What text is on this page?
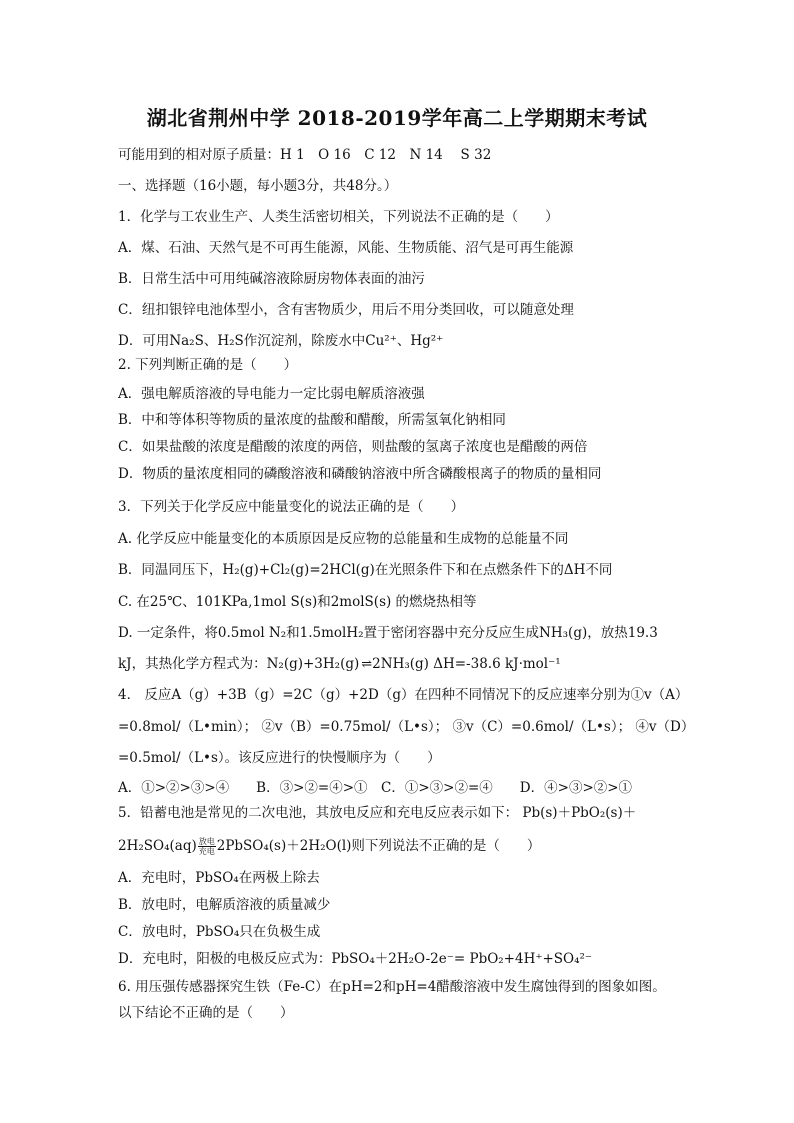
湖北省荆州中学 2018-2019学年高二上学期期末考试
可能用到的相对原子质量：H 1　O 16　C 12　N 14　 S 32
一、选择题（16小题，每小题3分，共48分。）
1．化学与工农业生产、人类生活密切相关，下列说法不正确的是（　　）
A．煤、石油、天然气是不可再生能源，风能、生物质能、沼气是可再生能源
B．日常生活中可用纯碱溶液除厨房物体表面的油污
C．纽扣银锌电池体型小，含有害物质少，用后不用分类回收，可以随意处理
D．可用Na₂S、H₂S作沉淀剂，除废水中Cu²⁺、Hg²⁺
2. 下列判断正确的是（　　）
A．强电解质溶液的导电能力一定比弱电解质溶液强
B．中和等体积等物质的量浓度的盐酸和醋酸，所需氢氧化钠相同
C．如果盐酸的浓度是醋酸的浓度的两倍，则盐酸的氢离子浓度也是醋酸的两倍
D．物质的量浓度相同的磷酸溶液和磷酸钠溶液中所含磷酸根离子的物质的量相同
3．下列关于化学反应中能量变化的说法正确的是（　　）
A. 化学反应中能量变化的本质原因是反应物的总能量和生成物的总能量不同
B．同温同压下，H₂(g)+Cl₂(g)=2HCl(g)在光照条件下和在点燃条件下的ΔH不同
C. 在25℃、101KPa,1mol S(s)和2molS(s) 的燃烧热相等
D. 一定条件，将0.5mol N₂和1.5molH₂置于密闭容器中充分反应生成NH₃(g)，放热19.3
kJ，其热化学方程式为：N₂(g)+3H₂(g) ⇌ 2NH₃(g) ΔH=-38.6 kJ·mol⁻¹
4． 反应A（g）+3B（g）=2C（g）+2D（g）在四种不同情况下的反应速率分别为①v（A）
=0.8mol/（L•min）； ②v（B）=0.75mol/（L•s）； ③v（C）=0.6mol/（L•s）； ④v（D）
=0.5mol/（L•s）。该反应进行的快慢顺序为（　　）
A．①>②>③>④　　B．③>②=④>①　C．①>③>②=④　　D．④>③>②>①
5．铅蓄电池是常见的二次电池，其放电反应和充电反应表示如下： Pb(s)＋PbO₂(s)＋
$2H_2SO_4(aq) \frac{\text{放电}}{\text{充电}}$ 2PbSO₄(s)＋2H₂O(l)则下列说法不正确的是（　　）
A．充电时，PbSO₄在两极上除去
B．放电时，电解质溶液的质量减少
C．放电时，PbSO₄只在负极生成
D．充电时，阳极的电极反应式为：PbSO₄＋2H₂O-2e⁻= PbO₂+4H⁺+SO₄²⁻
6. 用压强传感器探究生铁（Fe-C）在pH=2和pH=4醋酸溶液中发生腐蚀得到的图象如图。
以下结论不正确的是（　　）
